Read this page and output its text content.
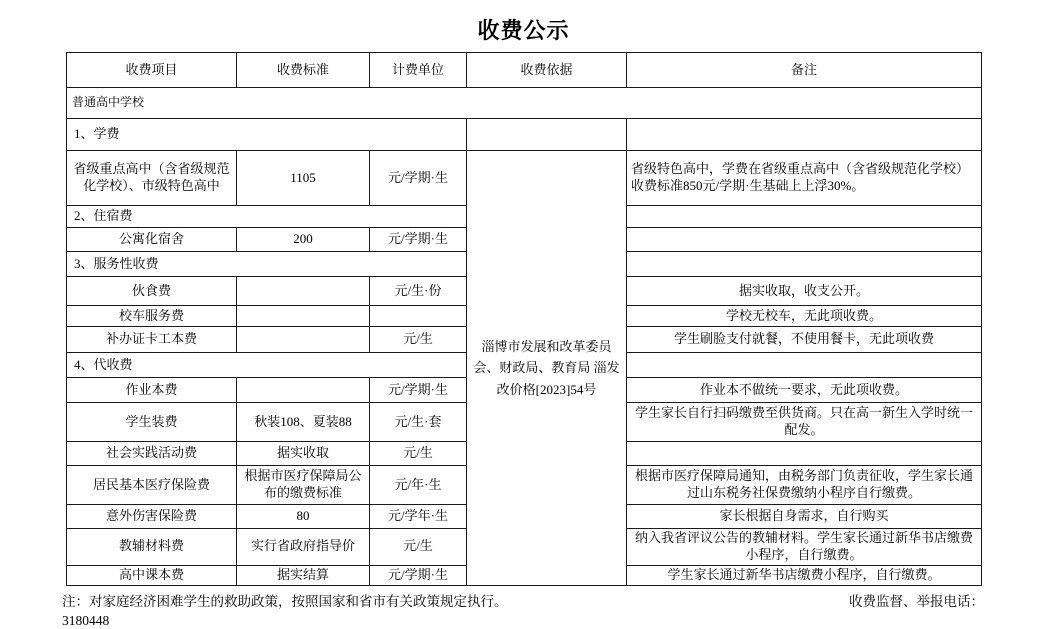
收费公示
收费项目	收费标准	计费单位	收费依据	备注
普通高中学校				
1、学费				
省级重点高中（含省级规范化学校）、市级特色高中	1105	元/学期·生	淄博市发展和改革委员会、财政局、教育局 淄发改价格[2023]54号	省级特色高中，学费在省级重点高中（含省级规范化学校）收费标准850元/学期·生基础上上浮30%。
2、住宿费				
公寓化宿舍	200	元/学期·生		
3、服务性收费				
伙食费		元/生·份		据实收取，收支公开。
校车服务费				学校无校车，无此项收费。
补办证卡工本费		元/生		学生刷脸支付就餐，不使用餐卡，无此项收费
4、代收费				
作业本费		元/学期·生		作业本不做统一要求，无此项收费。
学生装费	秋装108、夏装88	元/生·套		学生家长自行扫码缴费至供货商。只在高一新生入学时统一配发。
社会实践活动费	据实收取	元/生		
居民基本医疗保险费	根据市医疗保障局公布的缴费标准	元/年·生		根据市医疗保障局通知，由税务部门负责征收，学生家长通过山东税务社保费缴纳小程序自行缴费。
意外伤害保险费	80	元/学年·生		家长根据自身需求，自行购买
教辅材料费	实行省政府指导价	元/生		纳入我省评议公告的教辅材料。学生家长通过新华书店缴费小程序，自行缴费。
高中课本费	据实结算	元/学期·生		学生家长通过新华书店缴费小程序，自行缴费。
注：对家庭经济困难学生的救助政策，按照国家和省市有关政策规定执行。	收费监督、举报电话：
3180448
